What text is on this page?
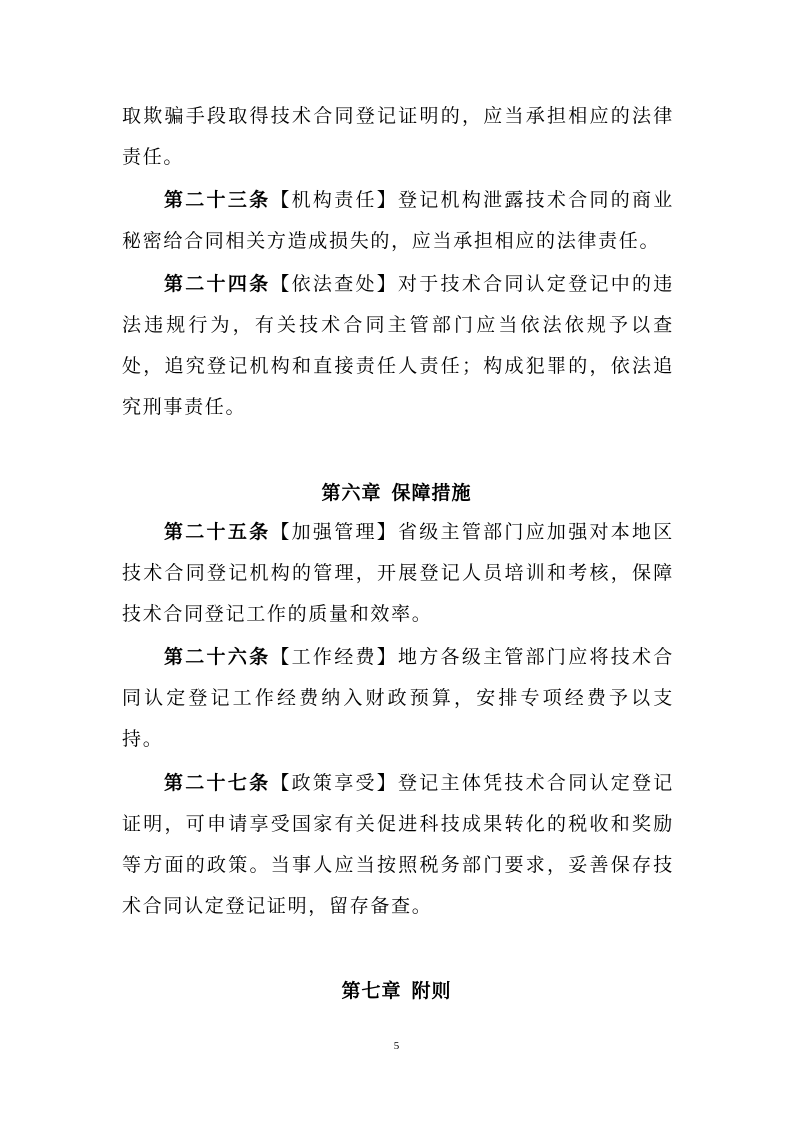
取欺骗手段取得技术合同登记证明的，应当承担相应的法律责任。
第二十三条【机构责任】登记机构泄露技术合同的商业秘密给合同相关方造成损失的，应当承担相应的法律责任。
第二十四条【依法查处】对于技术合同认定登记中的违法违规行为，有关技术合同主管部门应当依法依规予以查处，追究登记机构和直接责任人责任；构成犯罪的，依法追究刑事责任。
第六章 保障措施
第二十五条【加强管理】省级主管部门应加强对本地区技术合同登记机构的管理，开展登记人员培训和考核，保障技术合同登记工作的质量和效率。
第二十六条【工作经费】地方各级主管部门应将技术合同认定登记工作经费纳入财政预算，安排专项经费予以支持。
第二十七条【政策享受】登记主体凭技术合同认定登记证明，可申请享受国家有关促进科技成果转化的税收和奖励等方面的政策。当事人应当按照税务部门要求，妥善保存技术合同认定登记证明，留存备查。
第七章 附则
5
